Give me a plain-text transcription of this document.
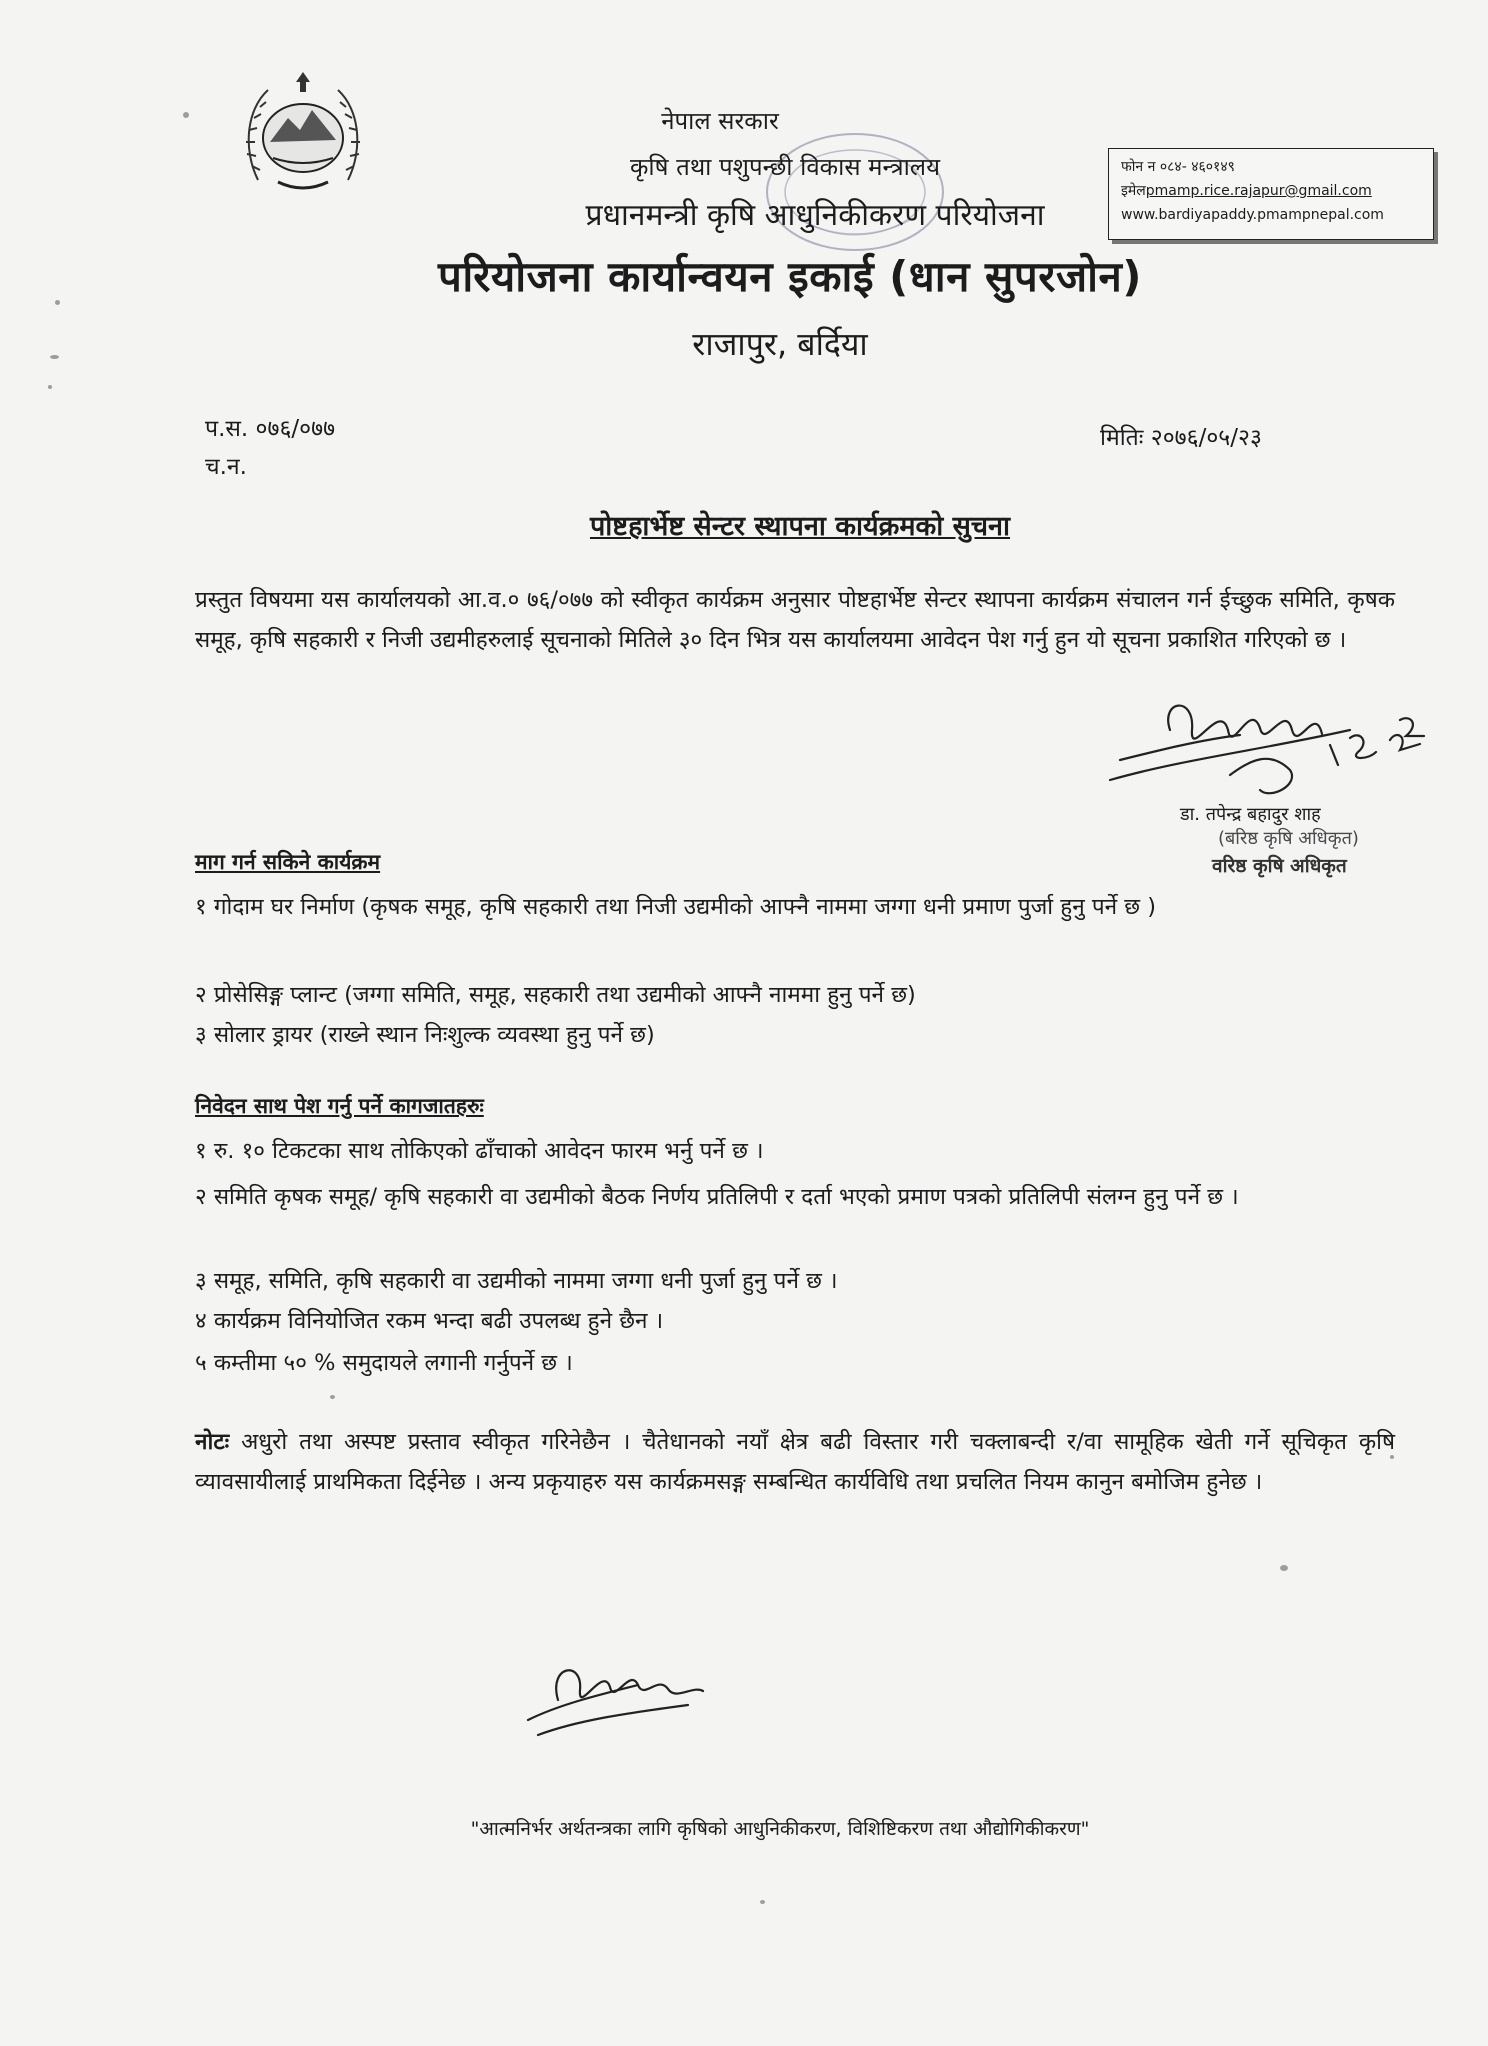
नेपाल सरकार
कृषि तथा पशुपन्छी विकास मन्त्रालय
प्रधानमन्त्री कृषि आधुनिकीकरण परियोजना
परियोजना कार्यान्वयन इकाई (धान सुपरजोन)
राजापुर, बर्दिया
फोन न ०८४- ४६०१४९
इमेलpmamp.rice.rajapur@gmail.com
www.bardiyapaddy.pmampnepal.com
प.स. ०७६/०७७
च.न.
मितिः २०७६/०५/२३
पोष्टहार्भेष्ट सेन्टर स्थापना कार्यक्रमको सुचना
प्रस्तुत विषयमा यस कार्यालयको आ.व.० ७६/०७७ को स्वीकृत कार्यक्रम अनुसार पोष्टहार्भेष्ट सेन्टर स्थापना कार्यक्रम संचालन गर्न ईच्छुक समिति, कृषक समूह, कृषि सहकारी र निजी उद्यमीहरुलाई सूचनाको मितिले ३० दिन भित्र यस कार्यालयमा आवेदन पेश गर्नु हुन यो सूचना प्रकाशित गरिएको छ ।
डा. तपेन्द्र बहादुर शाह
(बरिष्ठ कृषि अधिकृत)
वरिष्ठ कृषि अधिकृत
माग गर्न सकिने कार्यक्रम
१ गोदाम घर निर्माण (कृषक समूह, कृषि सहकारी तथा निजी उद्यमीको आफ्नै नाममा जग्गा धनी प्रमाण पुर्जा हुनु पर्ने छ )
२ प्रोसेसिङ्ग प्लान्ट (जग्गा समिति, समूह, सहकारी तथा उद्यमीको आफ्नै नाममा हुनु पर्ने छ)
३ सोलार ड्रायर (राख्ने स्थान निःशुल्क व्यवस्था हुनु पर्ने छ)
निवेदन साथ पेश गर्नु पर्ने कागजातहरुः
१ रु. १० टिकटका साथ तोकिएको ढाँचाको आवेदन फारम भर्नु पर्ने छ ।
२ समिति कृषक समूह/ कृषि सहकारी वा उद्यमीको बैठक निर्णय प्रतिलिपी र दर्ता भएको प्रमाण पत्रको प्रतिलिपी संलग्न हुनु पर्ने छ ।
३ समूह, समिति, कृषि सहकारी वा उद्यमीको नाममा जग्गा धनी पुर्जा हुनु पर्ने छ ।
४ कार्यक्रम विनियोजित रकम भन्दा बढी उपलब्ध हुने छैन ।
५ कम्तीमा ५० % समुदायले लगानी गर्नुपर्ने छ ।
नोटः अधुरो तथा अस्पष्ट प्रस्ताव स्वीकृत गरिनेछैन । चैतेधानको नयाँ क्षेत्र बढी विस्तार गरी चक्लाबन्दी र/वा सामूहिक खेती गर्ने सूचिकृत कृषि व्यावसायीलाई प्राथमिकता दिईनेछ । अन्य प्रकृयाहरु यस कार्यक्रमसङ्ग सम्बन्धित कार्यविधि तथा प्रचलित नियम कानुन बमोजिम हुनेछ ।
"आत्मनिर्भर अर्थतन्त्रका लागि कृषिको आधुनिकीकरण, विशिष्टिकरण तथा औद्योगिकीकरण"
